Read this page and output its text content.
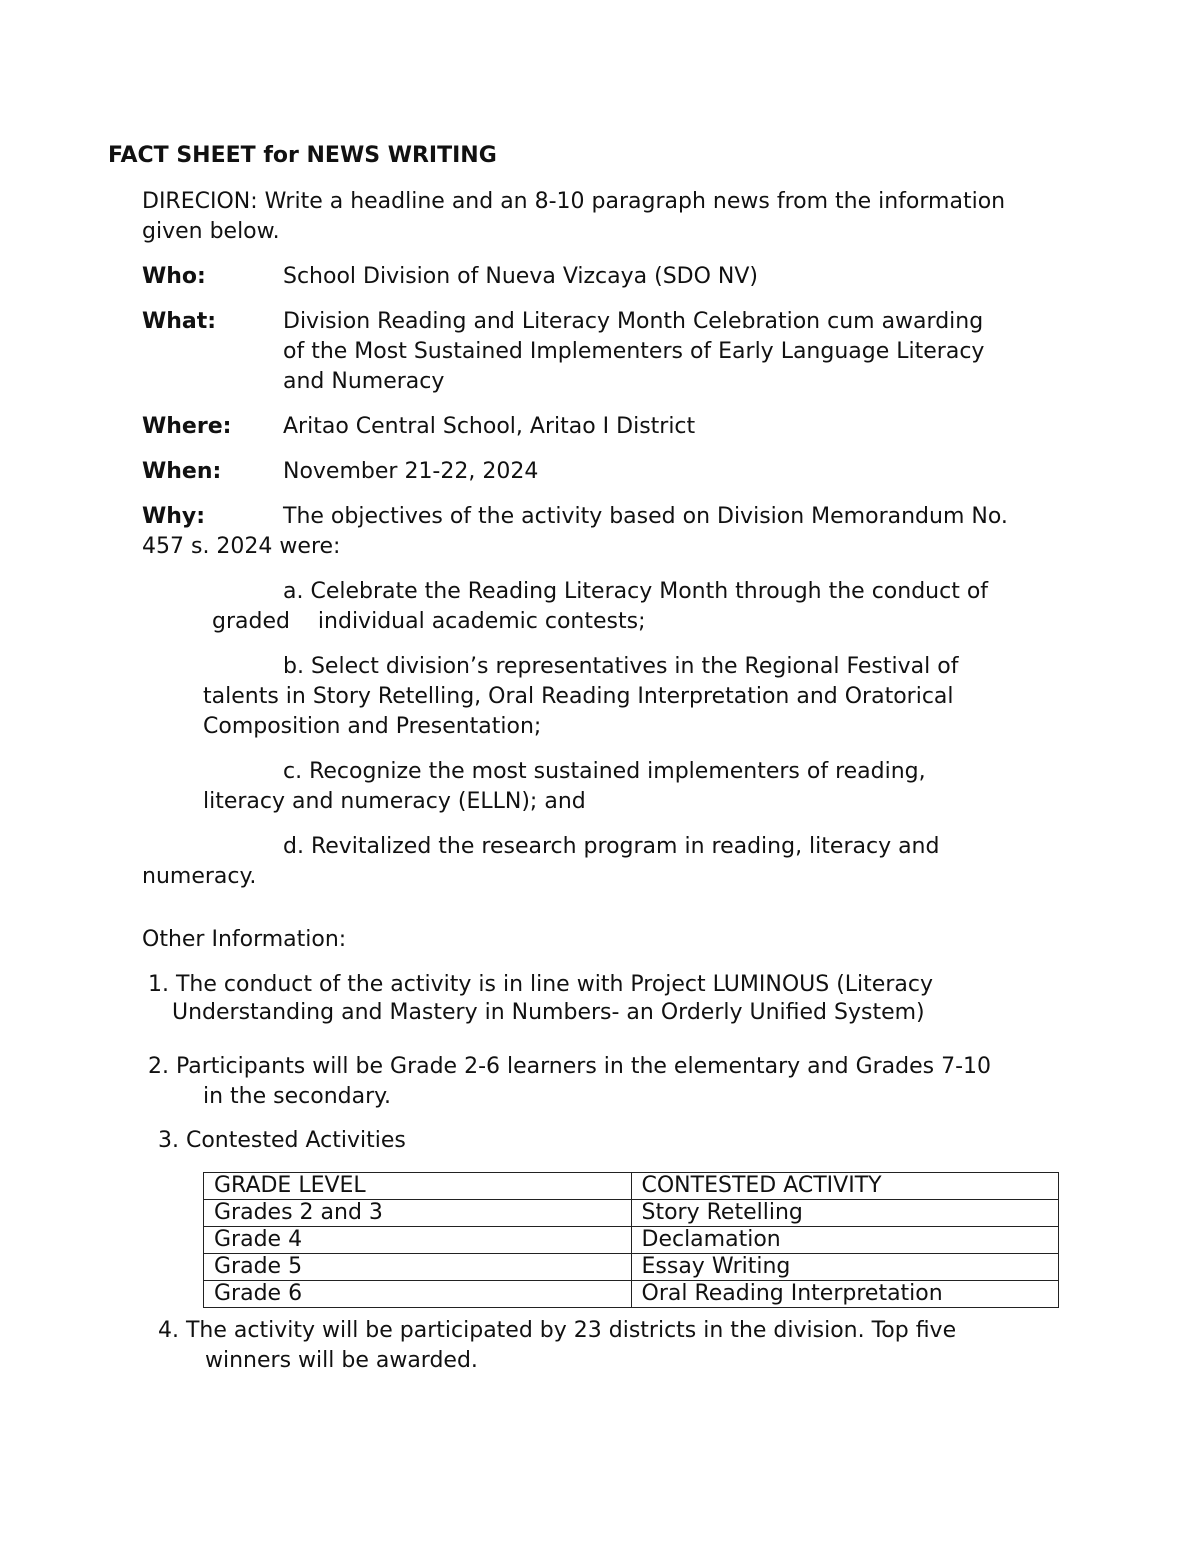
FACT SHEET for NEWS WRITING
DIRECION: Write a headline and an 8-10 paragraph news from the information
given below.
Who:	School Division of Nueva Vizcaya (SDO NV)
What:	Division Reading and Literacy Month Celebration cum awarding
of the Most Sustained Implementers of Early Language Literacy
and Numeracy
Where: Aritao Central School, Aritao I District
When:	November 21-22, 2024
Why:	The objectives of the activity based on Division Memorandum No.
457 s. 2024 were:
a. Celebrate the Reading Literacy Month through the conduct of
graded    individual academic contests;
b. Select division’s representatives in the Regional Festival of
talents in Story Retelling, Oral Reading Interpretation and Oratorical
Composition and Presentation;
c. Recognize the most sustained implementers of reading,
literacy and numeracy (ELLN); and
d. Revitalized the research program in reading, literacy and
numeracy.
Other Information:
1. The conduct of the activity is in line with Project LUMINOUS (Literacy
Understanding and Mastery in Numbers- an Orderly Unified System)
2. Participants will be Grade 2-6 learners in the elementary and Grades 7-10
in the secondary.
3. Contested Activities
GRADE LEVEL	CONTESTED ACTIVITY
Grades 2 and 3	Story Retelling
Grade 4	Declamation
Grade 5	Essay Writing
Grade 6	Oral Reading Interpretation
4. The activity will be participated by 23 districts in the division. Top five
winners will be awarded.
